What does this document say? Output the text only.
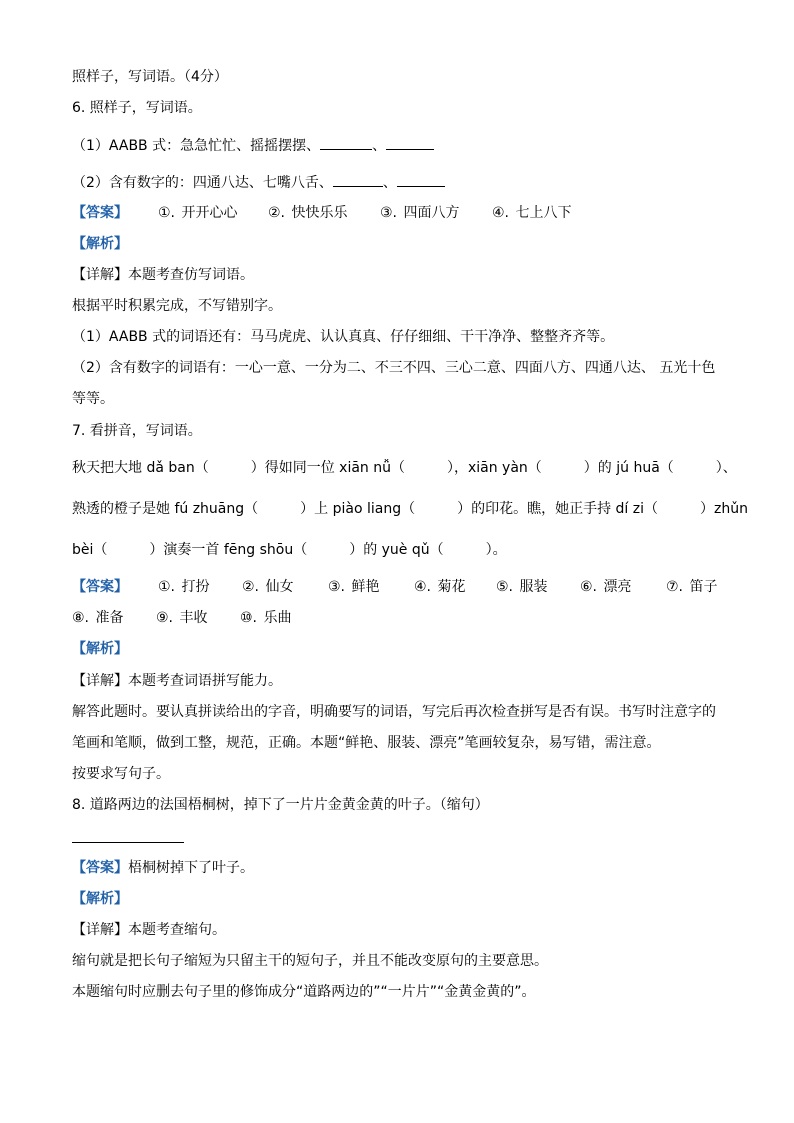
照样子，写词语。（4分）
6. 照样子，写词语。
（1）AABB 式：急急忙忙、摇摇摆摆、	、
（2）含有数字的：四通八达、七嘴八舌、	、
【答案】 ①. 开开心心 ②. 快快乐乐 ③. 四面八方 ④. 七上八下
【解析】
【详解】本题考查仿写词语。
根据平时积累完成，不写错别字。
（1）AABB 式的词语还有：马马虎虎、认认真真、仔仔细细、干干净净、整整齐齐等。
（2）含有数字的词语有：一心一意、一分为二、不三不四、三心二意、四面八方、四通八达、 五光十色
等等。
7. 看拼音，写词语。
秋天把大地 dǎ ban（　　　）得如同一位 xiān nǚ（　　　），xiān yàn（　　　）的 jú huā（　　　）、
熟透的橙子是她 fú zhuāng（　　　）上 piào liang（　　　）的印花。瞧，她正手持 dí zi（　　　）zhǔn
bèi（　　　）演奏一首 fēng shōu（　　　）的 yuè qǔ（　　　）。
【答案】 ①. 打扮 ②. 仙女 ③. 鲜艳 ④. 菊花 ⑤. 服装 ⑥. 漂亮 ⑦. 笛子
⑧. 准备 ⑨. 丰收 ⑩. 乐曲
【解析】
【详解】本题考查词语拼写能力。
解答此题时。要认真拼读给出的字音，明确要写的词语，写完后再次检查拼写是否有误。书写时注意字的
笔画和笔顺，做到工整，规范，正确。本题“鲜艳、服装、漂亮”笔画较复杂，易写错，需注意。
按要求写句子。
8. 道路两边的法国梧桐树，掉下了一片片金黄金黄的叶子。（缩句）
【答案】梧桐树掉下了叶子。
【解析】
【详解】本题考查缩句。
缩句就是把长句子缩短为只留主干的短句子，并且不能改变原句的主要意思。
本题缩句时应删去句子里的修饰成分“道路两边的”“一片片”“金黄金黄的”。
